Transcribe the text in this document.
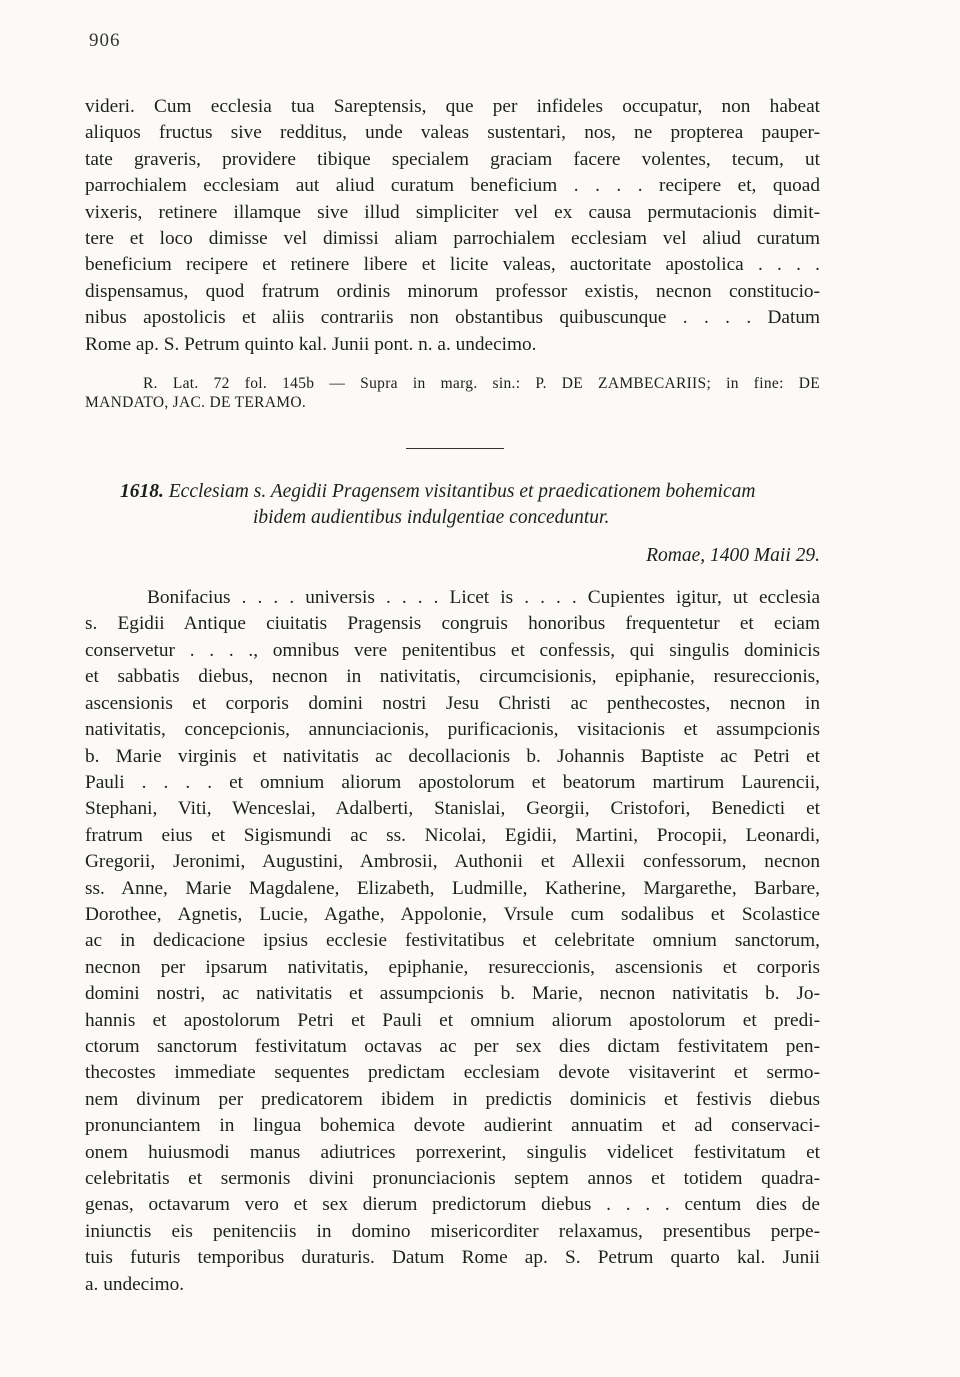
906
videri. Cum ecclesia tua Sareptensis, que per infideles occupatur, non habeat
aliquos fructus sive redditus, unde valeas sustentari, nos, ne propterea pauper-
tate graveris, providere tibique specialem graciam facere volentes, tecum, ut
parrochialem ecclesiam aut aliud curatum beneficium . . . . recipere et, quoad
vixeris, retinere illamque sive illud simpliciter vel ex causa permutacionis dimit-
tere et loco dimisse vel dimissi aliam parrochialem ecclesiam vel aliud curatum
beneficium recipere et retinere libere et licite valeas, auctoritate apostolica . . . .
dispensamus, quod fratrum ordinis minorum professor existis, necnon constitucio-
nibus apostolicis et aliis contrariis non obstantibus quibuscunque . . . . Datum
Rome ap. S. Petrum quinto kal. Junii pont. n. a. undecimo.
R. Lat. 72 fol. 145b — Supra in marg. sin.: P. DE ZAMBECARIIS; in fine: DE
MANDATO, JAC. DE TERAMO.
1618. Ecclesiam s. Aegidii Pragensem visitantibus et praedicationem bohemicam
ibidem audientibus indulgentiae conceduntur.
Romae, 1400 Maii 29.
Bonifacius . . . . universis . . . . Licet is . . . . Cupientes igitur, ut ecclesia
s. Egidii Antique ciuitatis Pragensis congruis honoribus frequentetur et eciam
conservetur . . . ., omnibus vere penitentibus et confessis, qui singulis dominicis
et sabbatis diebus, necnon in nativitatis, circumcisionis, epiphanie, resureccionis,
ascensionis et corporis domini nostri Jesu Christi ac penthecostes, necnon in
nativitatis, concepcionis, annunciacionis, purificacionis, visitacionis et assumpcionis
b. Marie virginis et nativitatis ac decollacionis b. Johannis Baptiste ac Petri et
Pauli . . . . et omnium aliorum apostolorum et beatorum martirum Laurencii,
Stephani, Viti, Wenceslai, Adalberti, Stanislai, Georgii, Cristofori, Benedicti et
fratrum eius et Sigismundi ac ss. Nicolai, Egidii, Martini, Procopii, Leonardi,
Gregorii, Jeronimi, Augustini, Ambrosii, Authonii et Allexii confessorum, necnon
ss. Anne, Marie Magdalene, Elizabeth, Ludmille, Katherine, Margarethe, Barbare,
Dorothee, Agnetis, Lucie, Agathe, Appolonie, Vrsule cum sodalibus et Scolastice
ac in dedicacione ipsius ecclesie festivitatibus et celebritate omnium sanctorum,
necnon per ipsarum nativitatis, epiphanie, resureccionis, ascensionis et corporis
domini nostri, ac nativitatis et assumpcionis b. Marie, necnon nativitatis b. Jo-
hannis et apostolorum Petri et Pauli et omnium aliorum apostolorum et predi-
ctorum sanctorum festivitatum octavas ac per sex dies dictam festivitatem pen-
thecostes immediate sequentes predictam ecclesiam devote visitaverint et sermo-
nem divinum per predicatorem ibidem in predictis dominicis et festivis diebus
pronunciantem in lingua bohemica devote audierint annuatim et ad conservaci-
onem huiusmodi manus adiutrices porrexerint, singulis videlicet festivitatum et
celebritatis et sermonis divini pronunciacionis septem annos et totidem quadra-
genas, octavarum vero et sex dierum predictorum diebus . . . . centum dies de
iniunctis eis penitenciis in domino misericorditer relaxamus, presentibus perpe-
tuis futuris temporibus duraturis. Datum Rome ap. S. Petrum quarto kal. Junii
a. undecimo.
